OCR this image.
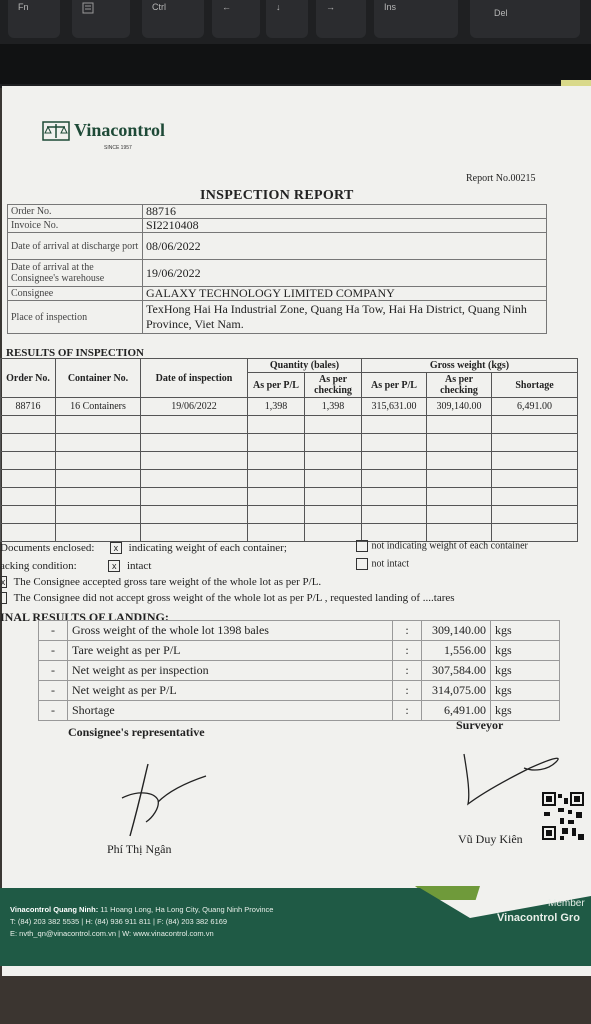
Fn	Ctrl	←	↓	→	Ins
Del
Vinacontrol
SINCE 1957
Report No.00215
INSPECTION REPORT
Order No.	88716
Invoice No.	SI2210408
Date of arrival at discharge port	08/06/2022
Date of arrival at the Consignee's warehouse	19/06/2022
Consignee	GALAXY TECHNOLOGY LIMITED COMPANY
Place of inspection	TexHong Hai Ha Industrial Zone, Quang Ha Tow, Hai Ha District, Quang Ninh Province, Viet Nam.
RESULTS OF INSPECTION
Order No.	Container No.	Date of inspection	Quantity (bales)		Gross weight (kgs)		
			As per P/L	As per checking	As per P/L	As per checking	Shortage
88716	16 Containers	19/06/2022	1,398	1,398	315,631.00	309,140.00	6,491.00

Documents enclosed: x indicating weight of each container;	not indicating weight of each container
acking condition:	x intact	not intact
x The Consignee accepted gross tare weight of the whole lot as per P/L.
The Consignee did not accept gross weight of the whole lot as per P/L , requested landing of ....tares
INAL RESULTS OF LANDING:
-	Gross weight of the whole lot 1398 bales	:	309,140.00	kgs
-	Tare weight as per P/L	:	1,556.00	kgs
-	Net weight as per inspection	:	307,584.00	kgs
-	Net weight as per P/L	:	314,075.00	kgs
-	Shortage	:	6,491.00	kgs
Consignee's representative	Surveyor
Phí Thị Ngân
Vũ Duy Kiên
Vinacontrol Quang Ninh: 11 Hoang Long, Ha Long City, Quang Ninh Province
T: (84) 203 382 5535 | H: (84) 936 911 811 | F: (84) 203 382 6169
E: nvth_qn@vinacontrol.com.vn | W: www.vinacontrol.com.vn
Member
Vinacontrol Gro
